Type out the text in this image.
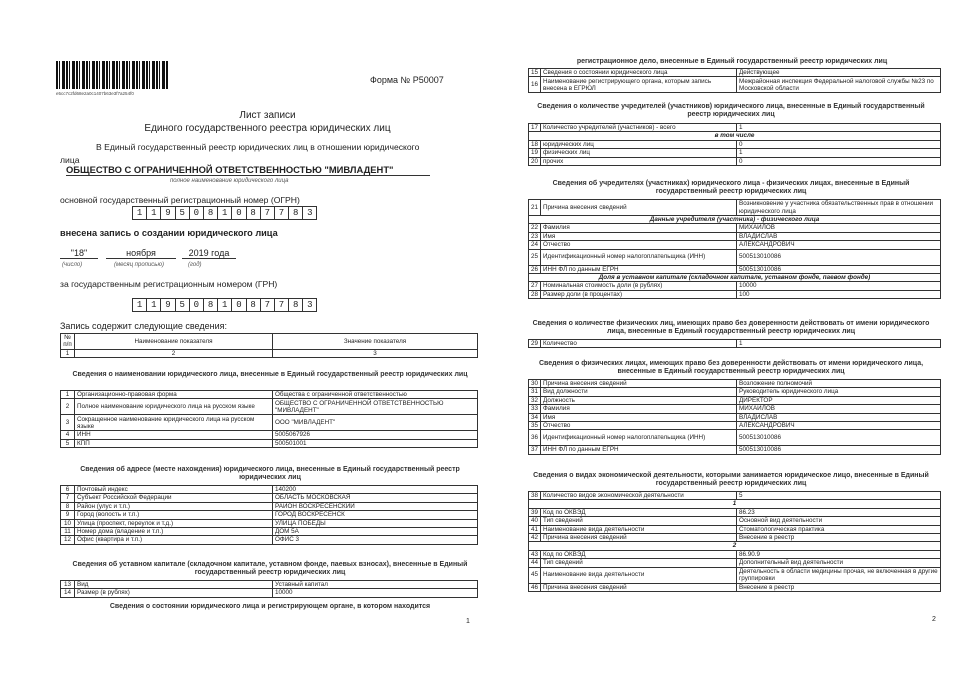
e5cc7c2fd68e2a0c1407b63e3f7a254f0
Форма № Р50007
Лист записи
Единого государственного реестра юридических лиц
В Единый государственный реестр юридических лиц в отношении юридического
лица
ОБЩЕСТВО С ОГРАНИЧЕННОЙ ОТВЕТСТВЕННОСТЬЮ "МИВЛАДЕНТ"
полное наименование юридического лица
основной государственный регистрационный номер (ОГРН)
1 1 9 5 0 8 1 0 8 7 7 8 3
внесена запись о создании юридического лица
"18"	ноября	2019 года
(число)	(месяц прописью)	(год)
за государственным регистрационным номером (ГРН)
1 1 9 5 0 8 1 0 8 7 7 8 3
Запись содержит следующие сведения:
№ п/п	Наименование показателя	Значение показателя
1	2	3
Сведения о наименовании юридического лица, внесенные в Единый государственный реестр юридических лиц
1	Организационно-правовая форма	Общества с ограниченной ответственностью
2	Полное наименование юридического лица на русском языке	ОБЩЕСТВО С ОГРАНИЧЕННОЙ ОТВЕТСТВЕННОСТЬЮ "МИВЛАДЕНТ"
3	Сокращенное наименование юридического лица на русском языке	ООО "МИВЛАДЕНТ"
4	ИНН	5005067926
5	КПП	500501001
Сведения об адресе (месте нахождения) юридического лица, внесенные в Единый государственный реестр юридических лиц
6	Почтовый индекс	140200
7	Субъект Российской Федерации	ОБЛАСТЬ МОСКОВСКАЯ
8	Район (улус и т.п.)	РАЙОН ВОСКРЕСЕНСКИЙ
9	Город (волость и т.п.)	ГОРОД ВОСКРЕСЕНСК
10	Улица (проспект, переулок и т.д.)	УЛИЦА ПОБЕДЫ
11	Номер дома (владение и т.п.)	ДОМ 5А
12	Офис (квартира и т.п.)	ОФИС 3
Сведения об уставном капитале (складочном капитале, уставном фонде, паевых взносах), внесенные в Единый государственный реестр юридических лиц
13	Вид	Уставный капитал
14	Размер (в рублях)	10000
Сведения о состоянии юридического лица и регистрирующем органе, в котором находится
1
регистрационное дело, внесенные в Единый государственный реестр юридических лиц
15	Сведения о состоянии юридического лица	Действующее
16	Наименование регистрирующего органа, которым запись внесена в ЕГРЮЛ	Межрайонная инспекция Федеральной налоговой службы №23 по Московской области
Сведения о количестве учредителей (участников) юридического лица, внесенные в Единый государственный реестр юридических лиц
17	Количество учредителей (участников) - всего	1
в том числе		
18	юридических лиц	0
19	физических лиц	1
20	прочих	0
Сведения об учредителях (участниках) юридического лица - физических лицах, внесенные в Единый государственный реестр юридических лиц
21	Причина внесения сведений	Возникновение у участника обязательственных прав в отношении юридического лица
Данные учредителя (участника) - физического лица		
22	Фамилия	МИХАЙЛОВ
23	Имя	ВЛАДИСЛАВ
24	Отчество	АЛЕКСАНДРОВИЧ
25	Идентификационный номер налогоплательщика (ИНН)	500513010086
26	ИНН ФЛ по данным ЕГРН	500513010086
Доля в уставном капитале (складочном капитале, уставном фонде, паевом фонде)		
27	Номинальная стоимость доли (в рублях)	10000
28	Размер доли (в процентах)	100
Сведения о количестве физических лиц, имеющих право без доверенности действовать от имени юридического лица, внесенные в Единый государственный реестр юридических лиц
29	Количество	1
Сведения о физических лицах, имеющих право без доверенности действовать от имени юридического лица, внесенные в Единый государственный реестр юридических лиц
30	Причина внесения сведений	Возложение полномочий
31	Вид должности	Руководитель юридического лица
32	Должность	ДИРЕКТОР
33	Фамилия	МИХАЙЛОВ
34	Имя	ВЛАДИСЛАВ
35	Отчество	АЛЕКСАНДРОВИЧ
36	Идентификационный номер налогоплательщика (ИНН)	500513010086
37	ИНН ФЛ по данным ЕГРН	500513010086
Сведения о видах экономической деятельности, которыми занимается юридическое лицо, внесенные в Единый государственный реестр юридических лиц
38	Количество видов экономической деятельности	5
1		
39	Код по ОКВЭД	86.23
40	Тип сведений	Основной вид деятельности
41	Наименование вида деятельности	Стоматологическая практика
42	Причина внесения сведений	Внесение в реестр
2		
43	Код по ОКВЭД	86.90.9
44	Тип сведений	Дополнительный вид деятельности
45	Наименование вида деятельности	Деятельность в области медицины прочая, не включенная в другие группировки
46	Причина внесения сведений	Внесение в реестр
2
